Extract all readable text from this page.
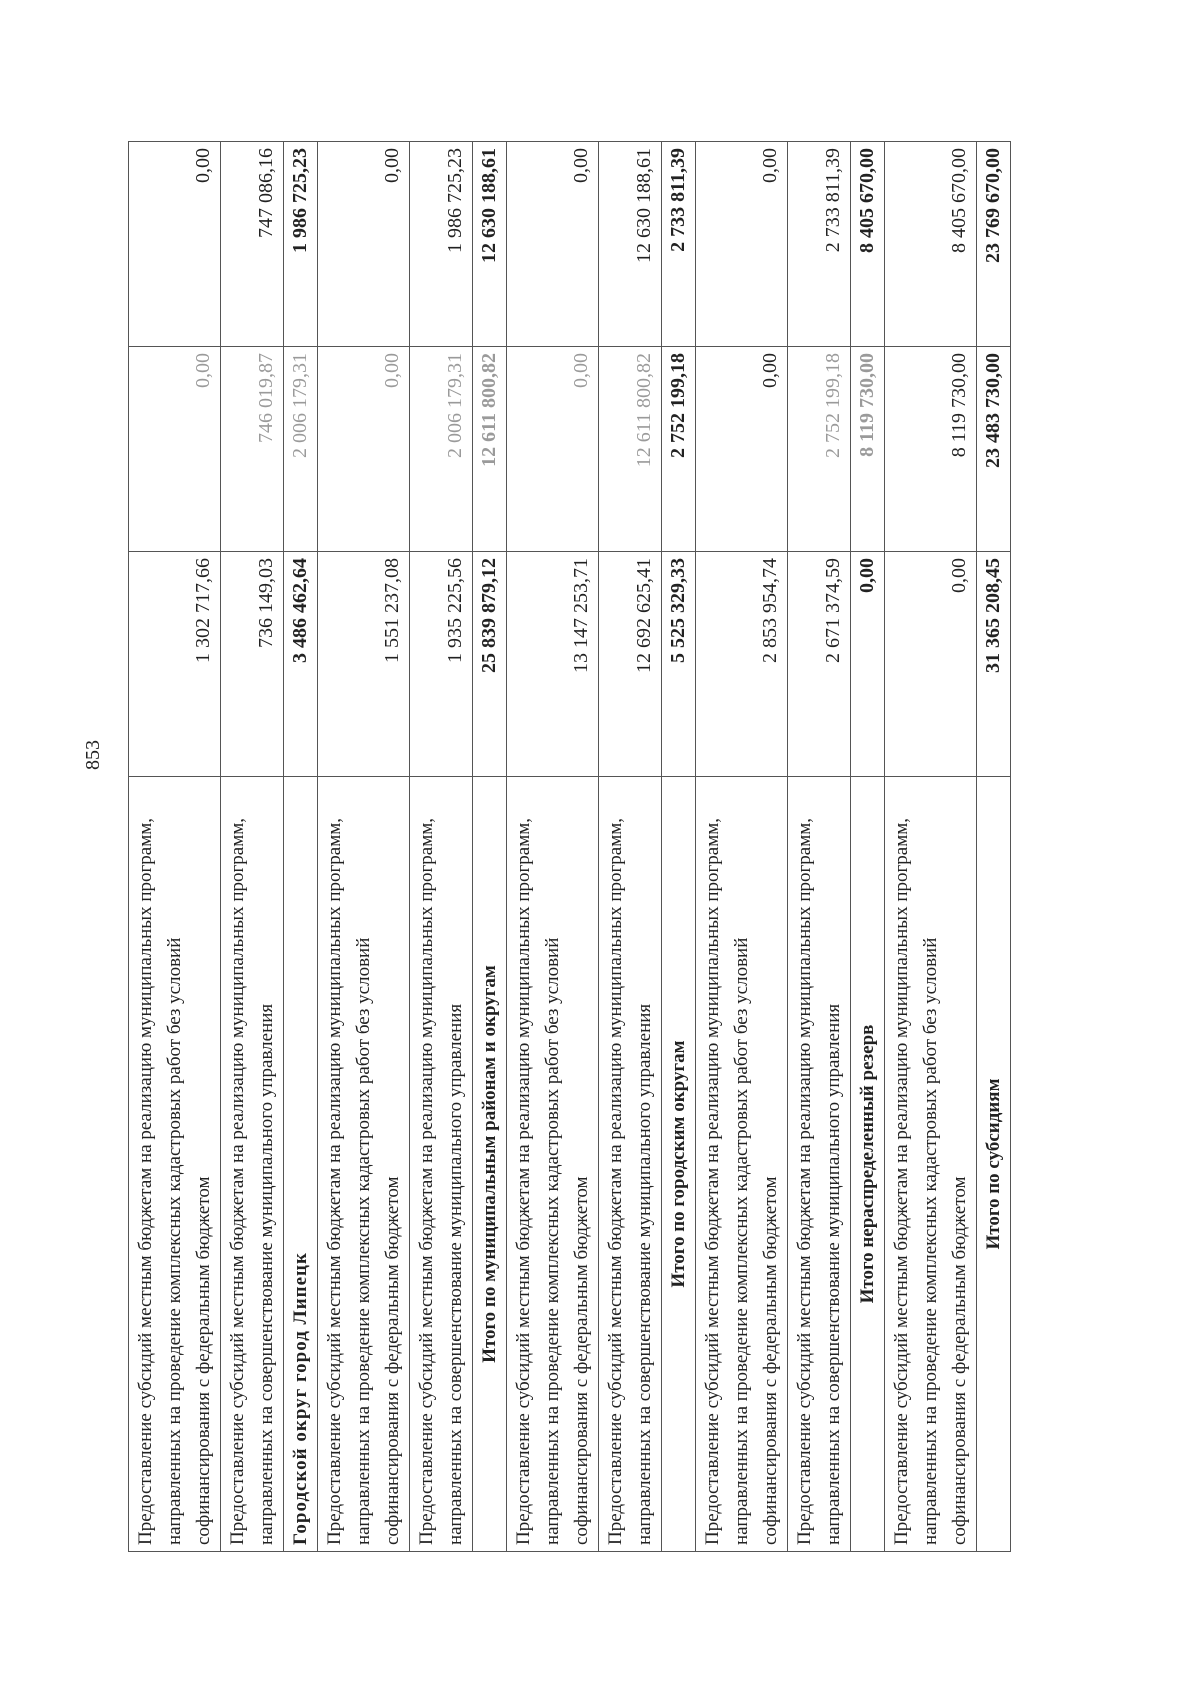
853
Предоставление субсидий местным бюджетам на реализацию муниципальных программ, направленных на проведение комплексных кадастровых работ без условий софинансирования с федеральным бюджетом	1 302 717,66	0,00	0,00
Предоставление субсидий местным бюджетам на реализацию муниципальных программ, направленных на совершенствование муниципального управления	736 149,03	746 019,87	747 086,16
Городской округ город Липецк	3 486 462,64	2 006 179,31	1 986 725,23
Предоставление субсидий местным бюджетам на реализацию муниципальных программ, направленных на проведение комплексных кадастровых работ без условий софинансирования с федеральным бюджетом	1 551 237,08	0,00	0,00
Предоставление субсидий местным бюджетам на реализацию муниципальных программ, направленных на совершенствование муниципального управления	1 935 225,56	2 006 179,31	1 986 725,23
Итого по муниципальным районам и округам	25 839 879,12	12 611 800,82	12 630 188,61
Предоставление субсидий местным бюджетам на реализацию муниципальных программ, направленных на проведение комплексных кадастровых работ без условий софинансирования с федеральным бюджетом	13 147 253,71	0,00	0,00
Предоставление субсидий местным бюджетам на реализацию муниципальных программ, направленных на совершенствование муниципального управления	12 692 625,41	12 611 800,82	12 630 188,61
Итого по городским округам	5 525 329,33	2 752 199,18	2 733 811,39
Предоставление субсидий местным бюджетам на реализацию муниципальных программ, направленных на проведение комплексных кадастровых работ без условий софинансирования с федеральным бюджетом	2 853 954,74	0,00	0,00
Предоставление субсидий местным бюджетам на реализацию муниципальных программ, направленных на совершенствование муниципального управления	2 671 374,59	2 752 199,18	2 733 811,39
Итого нераспределенный резерв	0,00	8 119 730,00	8 405 670,00
Предоставление субсидий местным бюджетам на реализацию муниципальных программ, направленных на проведение комплексных кадастровых работ без условий софинансирования с федеральным бюджетом	0,00	8 119 730,00	8 405 670,00
Итого по субсидиям	31 365 208,45	23 483 730,00	23 769 670,00
